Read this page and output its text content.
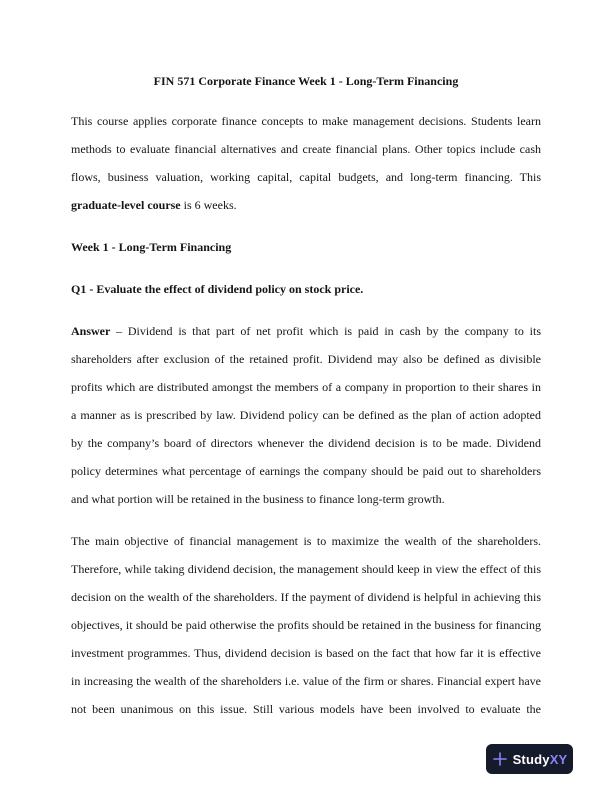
FIN 571 Corporate Finance Week 1 - Long-Term Financing
This course applies corporate finance concepts to make management decisions. Students learn
methods to evaluate financial alternatives and create financial plans. Other topics include cash
flows, business valuation, working capital, capital budgets, and long-term financing. This
graduate-level course is 6 weeks.
Week 1 - Long-Term Financing
Q1 - Evaluate the effect of dividend policy on stock price.
Answer – Dividend is that part of net profit which is paid in cash by the company to its
shareholders after exclusion of the retained profit. Dividend may also be defined as divisible
profits which are distributed amongst the members of a company in proportion to their shares in
a manner as is prescribed by law. Dividend policy can be defined as the plan of action adopted
by the company’s board of directors whenever the dividend decision is to be made. Dividend
policy determines what percentage of earnings the company should be paid out to shareholders
and what portion will be retained in the business to finance long-term growth.
The main objective of financial management is to maximize the wealth of the shareholders.
Therefore, while taking dividend decision, the management should keep in view the effect of this
decision on the wealth of the shareholders. If the payment of dividend is helpful in achieving this
objectives, it should be paid otherwise the profits should be retained in the business for financing
investment programmes. Thus, dividend decision is based on the fact that how far it is effective
in increasing the wealth of the shareholders i.e. value of the firm or shares. Financial expert have
not been unanimous on this issue. Still various models have been involved to evaluate the
StudyXY
